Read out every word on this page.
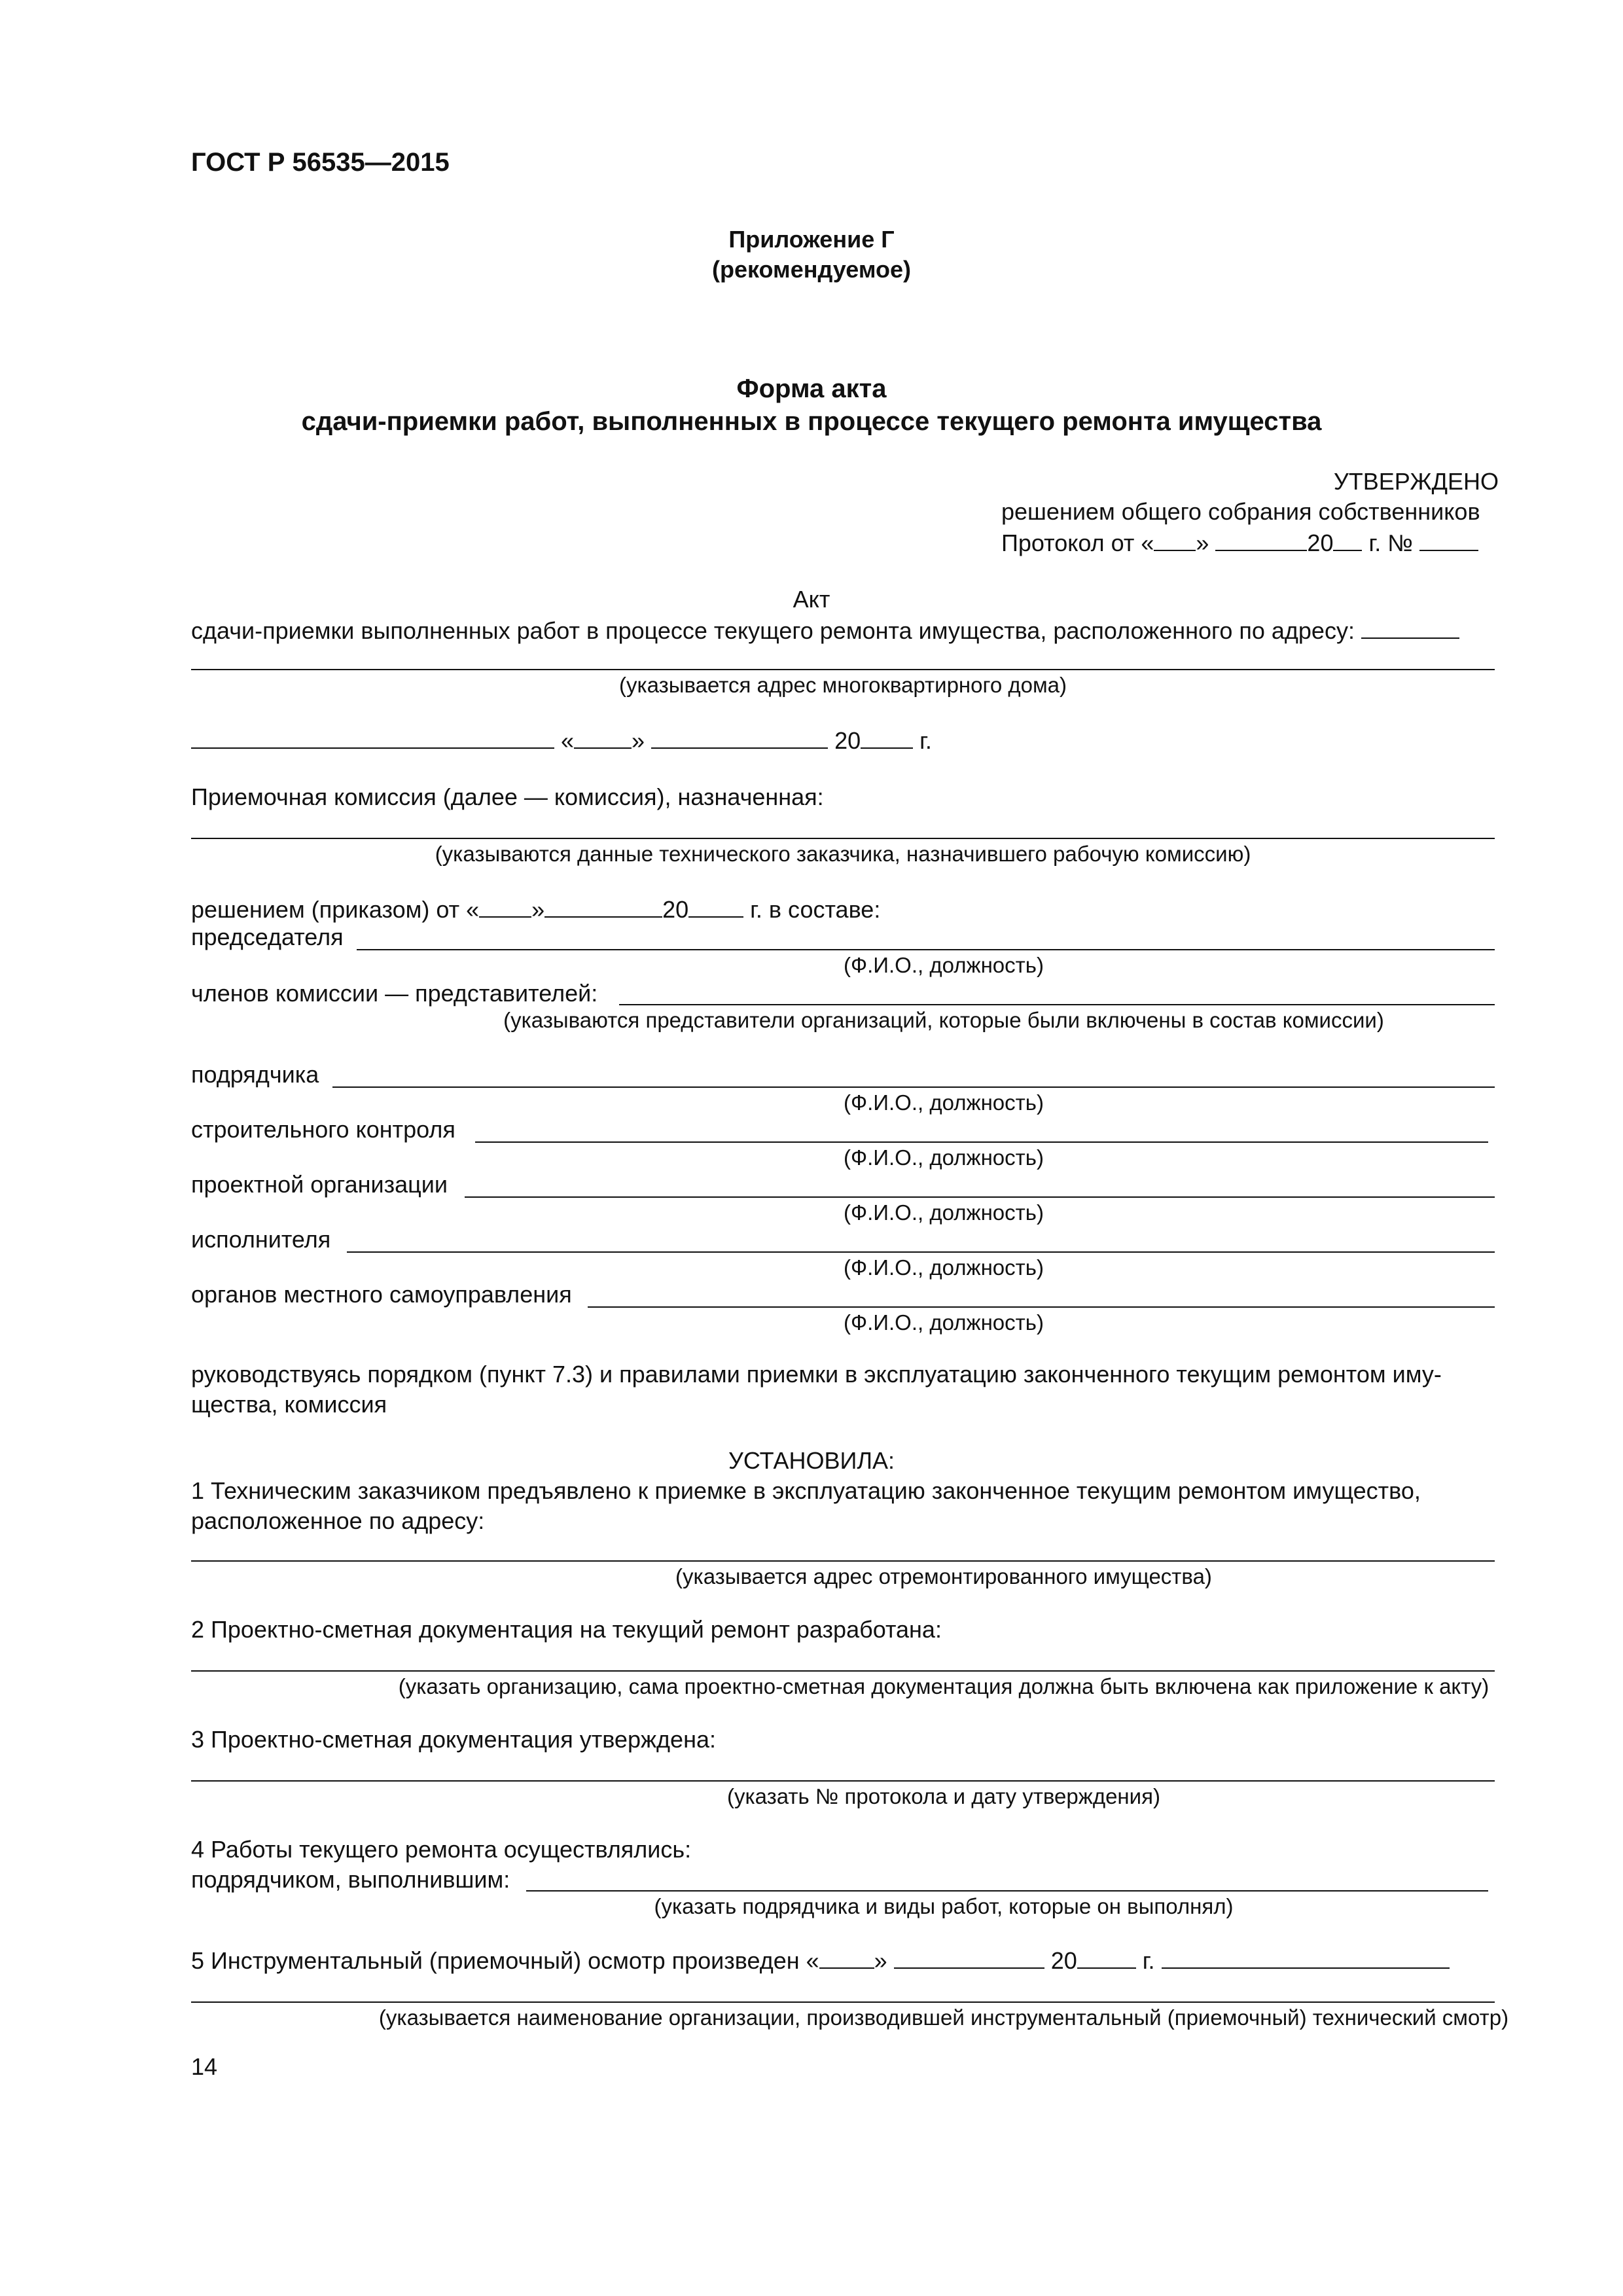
ГОСТ Р 56535—2015
Приложение Г
(рекомендуемое)
Форма акта
сдачи-приемки работ, выполненных в процессе текущего ремонта имущества
УТВЕРЖДЕНО
решением общего собрания собственников
Протокол от « »	20 г. №
Акт
сдачи-приемки выполненных работ в процессе текущего ремонта имущества, расположенного по адресу:
(указывается адрес многоквартирного дома)
« »	20 г.
Приемочная комиссия (далее — комиссия), назначенная:
(указываются данные технического заказчика, назначившего рабочую комиссию)
решением (приказом) от « »	20 г. в составе:
председателя
(Ф.И.О., должность)
членов комиссии — представителей:
(указываются представители организаций, которые были включены в состав комиссии)
подрядчика
(Ф.И.О., должность)
строительного контроля
(Ф.И.О., должность)
проектной организации
(Ф.И.О., должность)
исполнителя
(Ф.И.О., должность)
органов местного самоуправления
(Ф.И.О., должность)
руководствуясь порядком (пункт 7.3) и правилами приемки в эксплуатацию законченного текущим ремонтом иму-
щества, комиссия
УСТАНОВИЛА:
1 Техническим заказчиком предъявлено к приемке в эксплуатацию законченное текущим ремонтом имущество,
расположенное по адресу:
(указывается адрес отремонтированного имущества)
2 Проектно-сметная документация на текущий ремонт разработана:
(указать организацию, сама проектно-сметная документация должна быть включена как приложение к акту)
3 Проектно-сметная документация утверждена:
(указать № протокола и дату утверждения)
4 Работы текущего ремонта осуществлялись:
подрядчиком, выполнившим:
(указать подрядчика и виды работ, которые он выполнял)
5 Инструментальный (приемочный) осмотр произведен « »	20	г.
(указывается наименование организации, производившей инструментальный (приемочный) технический смотр)
14
